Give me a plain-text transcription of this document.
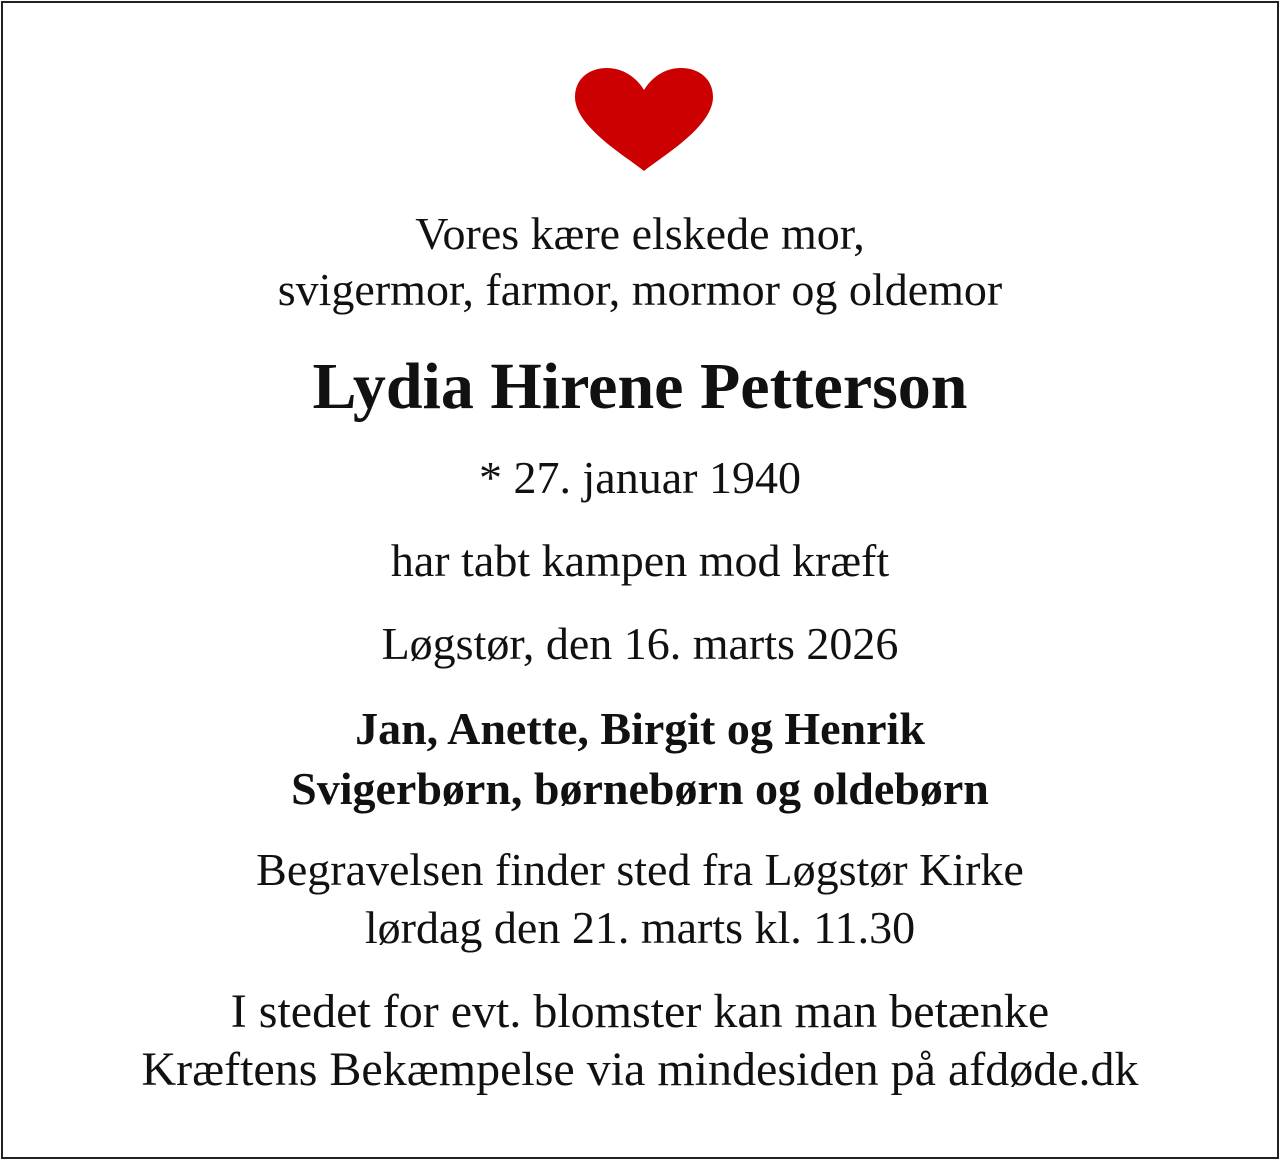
Vores kære elskede mor,
svigermor, farmor, mormor og oldemor
Lydia Hirene Petterson
* 27. januar 1940
har tabt kampen mod kræft
Løgstør, den 16. marts 2026
Jan, Anette, Birgit og Henrik
Svigerbørn, børnebørn og oldebørn
Begravelsen finder sted fra Løgstør Kirke
lørdag den 21. marts kl. 11.30
I stedet for evt. blomster kan man betænke
Kræftens Bekæmpelse via mindesiden på afdøde.dk
